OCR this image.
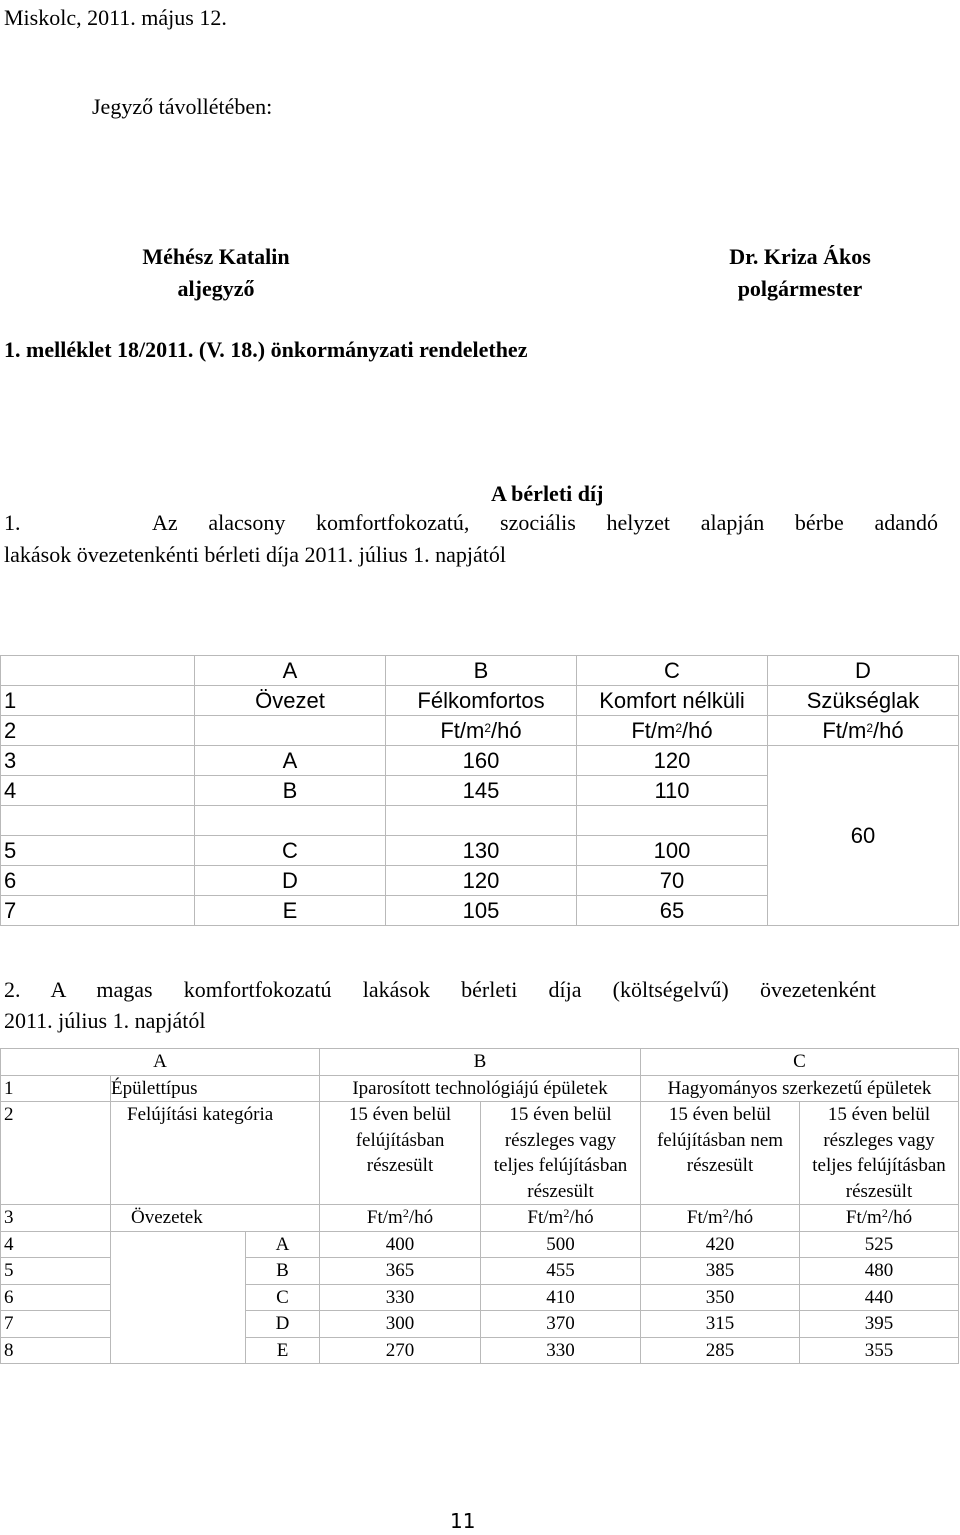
Miskolc, 2011. május 12.
Jegyző távollétében:
Méhész Katalin
aljegyző
Dr. Kriza Ákos
polgármester
1. melléklet 18/2011. (V. 18.) önkormányzati rendelethez
A bérleti díj
1.	Az alacsony komfortfokozatú, szociális helyzet alapján bérbe adandó
lakások övezetenkénti bérleti díja 2011. július 1. napjától
	A	B	C	D
1	Övezet	Félkomfortos	Komfort nélküli	Szükséglak
2		$Ft/m^2/hó$	$Ft/m^2/hó$	$Ft/m^2/hó$
3	A	160	120	60
4	B	145	110	

5	C	130	100	
6	D	120	70	
7	E	105	65	
2. A magas komfortfokozatú lakások bérleti díja (költségelvű) övezetenként
2011. július 1. napjától
A			B		C	
1	Épülettípus		Iparosított technológiájú épületek		Hagyományos szerkezetű épületek	
2	Felújítási kategória		15 éven belül felújításban részesült	15 éven belül részleges vagy teljes felújításban részesült	15 éven belül felújításban nem részesült	15 éven belül részleges vagy teljes felújításban részesült
3	Övezetek		$Ft/m^2/hó$	$Ft/m^2/hó$	$Ft/m^2/hó$	$Ft/m^2/hó$
4		A	400	500	420	525
5		B	365	455	385	480
6		C	330	410	350	440
7		D	300	370	315	395
8		E	270	330	285	355
11
